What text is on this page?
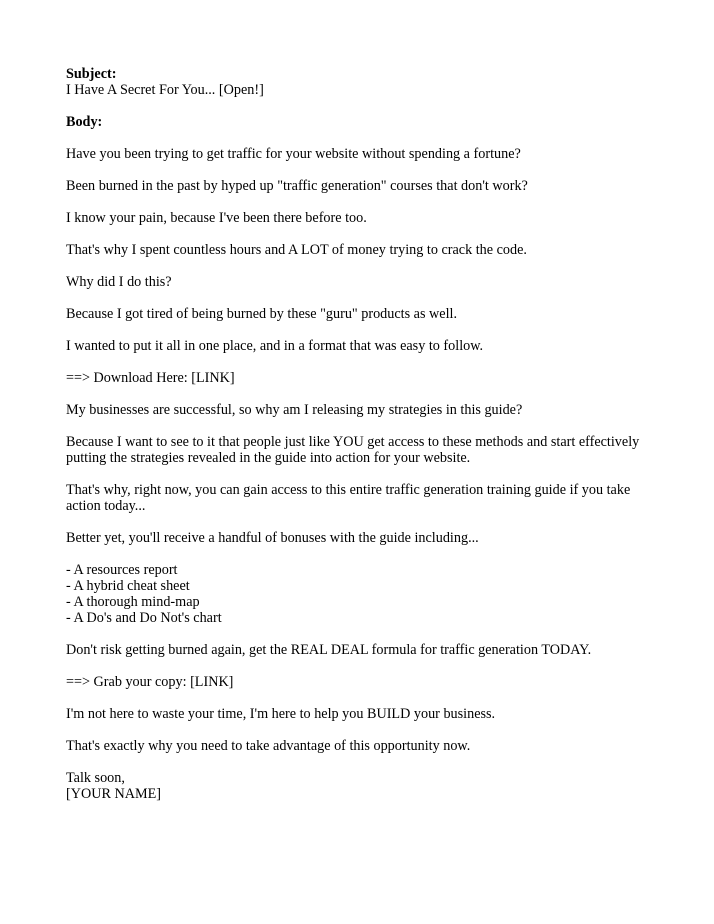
Subject:
I Have A Secret For You... [Open!]
Body:
Have you been trying to get traffic for your website without spending a fortune?
Been burned in the past by hyped up "traffic generation" courses that don't work?
I know your pain, because I've been there before too.
That's why I spent countless hours and A LOT of money trying to crack the code.
Why did I do this?
Because I got tired of being burned by these "guru" products as well.
I wanted to put it all in one place, and in a format that was easy to follow.
==> Download Here: [LINK]
My businesses are successful, so why am I releasing my strategies in this guide?
Because I want to see to it that people just like YOU get access to these methods and start effectively
putting the strategies revealed in the guide into action for your website.
That's why, right now, you can gain access to this entire traffic generation training guide if you take
action today...
Better yet, you'll receive a handful of bonuses with the guide including...
- A resources report
- A hybrid cheat sheet
- A thorough mind-map
- A Do's and Do Not's chart
Don't risk getting burned again, get the REAL DEAL formula for traffic generation TODAY.
==> Grab your copy: [LINK]
I'm not here to waste your time, I'm here to help you BUILD your business.
That's exactly why you need to take advantage of this opportunity now.
Talk soon,
[YOUR NAME]
